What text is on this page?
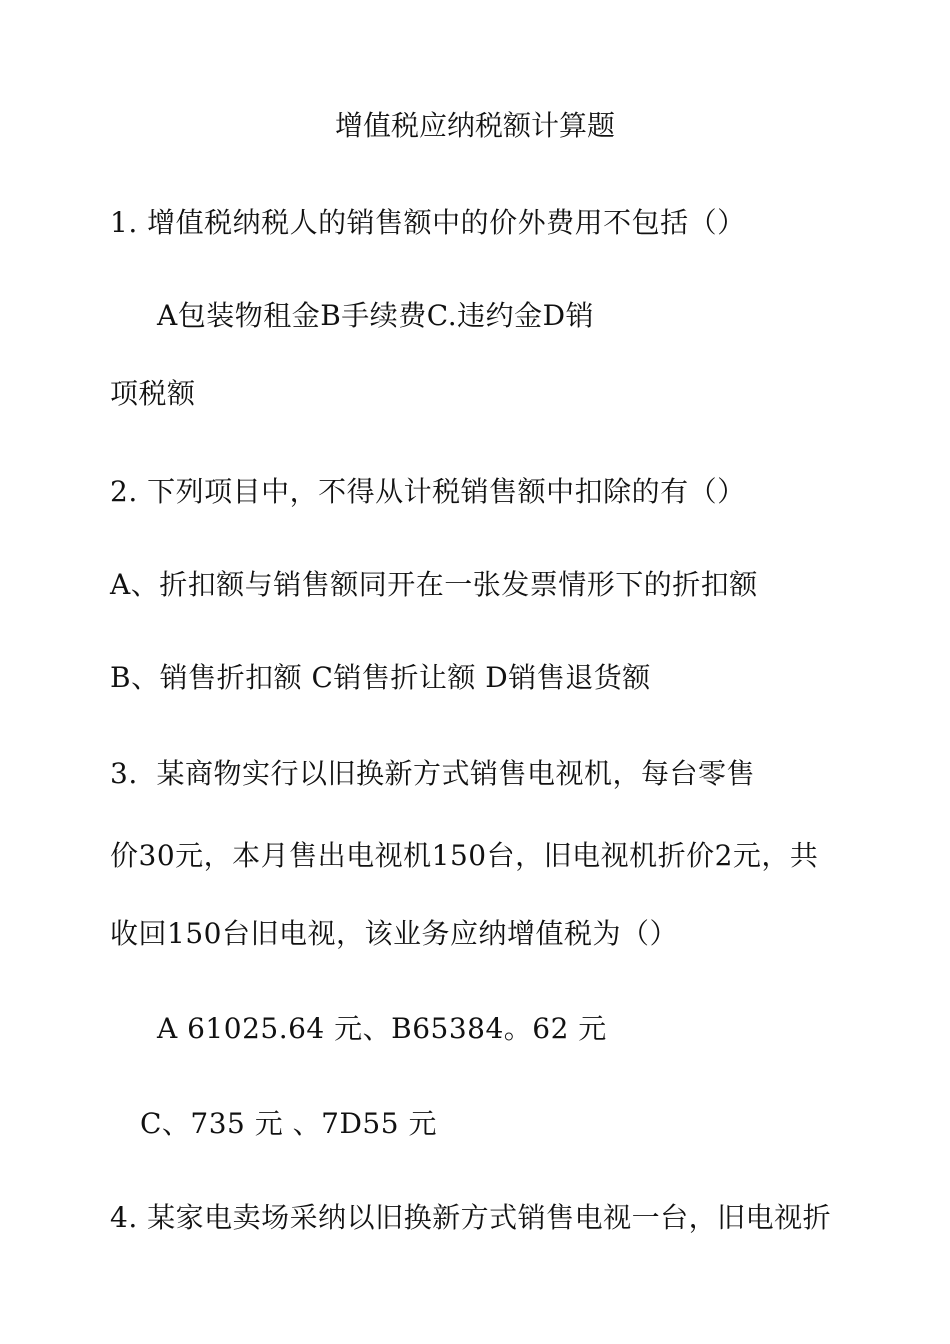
增值税应纳税额计算题
1. 增值税纳税人的销售额中的价外费用不包括（）
A包装物租金B手续费C.违约金D销
项税额
2. 下列项目中，不得从计税销售额中扣除的有（）
A、折扣额与销售额同开在一张发票情形下的折扣额
B、销售折扣额 C销售折让额 D销售退货额
3.  某商物实行以旧换新方式销售电视机，每台零售
价30元，本月售出电视机150台，旧电视机折价2元，共
收回150台旧电视，该业务应纳增值税为（）
A 61025.64 元、B65384。62 元
C、735 元 、7D55 元
4. 某家电卖场采纳以旧换新方式销售电视一台，旧电视折
